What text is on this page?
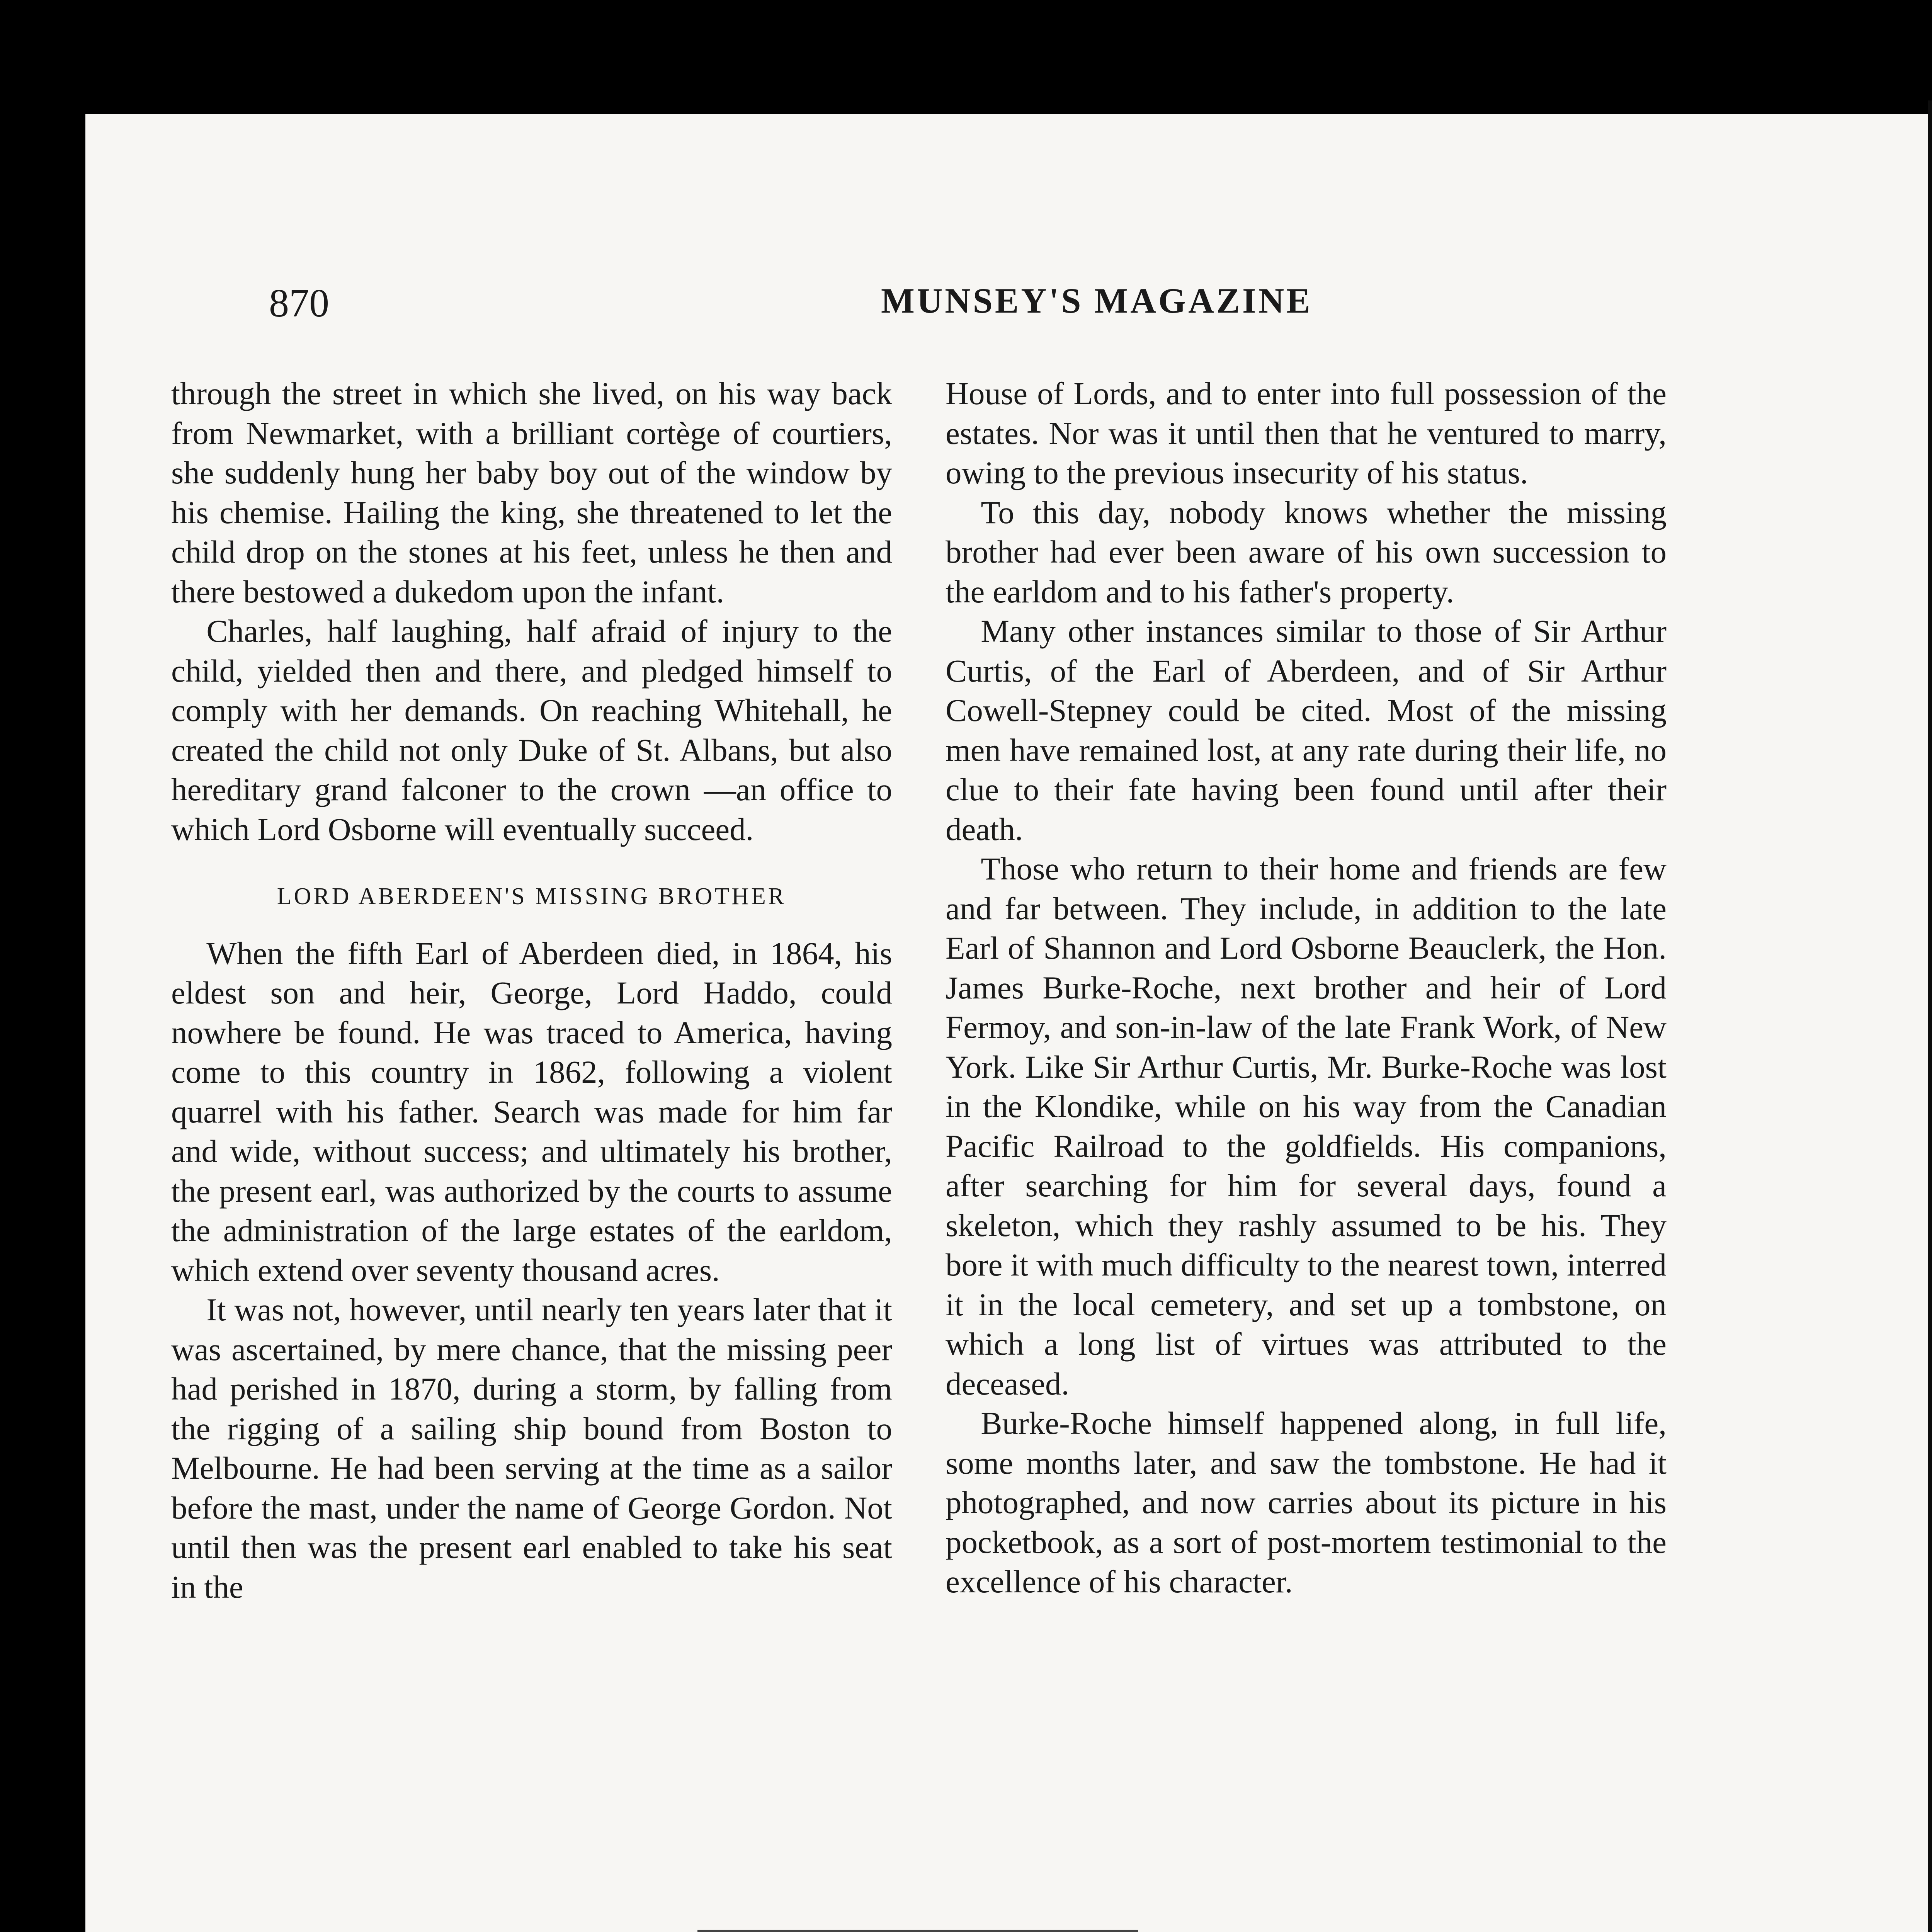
870	MUNSEY'S MAGAZINE

through the street in which she lived, on his way back from Newmarket, with a brilliant cortège of courtiers, she suddenly hung her baby boy out of the window by his chemise. Hailing the king, she threatened to let the child drop on the stones at his feet, unless he then and there bestowed a dukedom upon the infant.

Charles, half laughing, half afraid of injury to the child, yielded then and there, and pledged himself to comply with her demands. On reaching Whitehall, he created the child not only Duke of St. Albans, but also hereditary grand falconer to the crown —an office to which Lord Osborne will eventually succeed.

LORD ABERDEEN'S MISSING BROTHER

When the fifth Earl of Aberdeen died, in 1864, his eldest son and heir, George, Lord Haddo, could nowhere be found. He was traced to America, having come to this country in 1862, following a violent quarrel with his father. Search was made for him far and wide, without success; and ultimately his brother, the present earl, was authorized by the courts to assume the administration of the large estates of the earldom, which extend over seventy thousand acres.

It was not, however, until nearly ten years later that it was ascertained, by mere chance, that the missing peer had perished in 1870, during a storm, by falling from the rigging of a sailing ship bound from Boston to Melbourne. He had been serving at the time as a sailor before the mast, under the name of George Gordon. Not until then was the present earl enabled to take his seat in the

House of Lords, and to enter into full possession of the estates. Nor was it until then that he ventured to marry, owing to the previous insecurity of his status.

To this day, nobody knows whether the missing brother had ever been aware of his own succession to the earldom and to his father's property.

Many other instances similar to those of Sir Arthur Curtis, of the Earl of Aberdeen, and of Sir Arthur Cowell-Stepney could be cited. Most of the missing men have remained lost, at any rate during their life, no clue to their fate having been found until after their death.

Those who return to their home and friends are few and far between. They include, in addition to the late Earl of Shannon and Lord Osborne Beauclerk, the Hon. James Burke-Roche, next brother and heir of Lord Fermoy, and son-in-law of the late Frank Work, of New York. Like Sir Arthur Curtis, Mr. Burke-Roche was lost in the Klondike, while on his way from the Canadian Pacific Railroad to the goldfields. His companions, after searching for him for several days, found a skeleton, which they rashly assumed to be his. They bore it with much difficulty to the nearest town, interred it in the local cemetery, and set up a tombstone, on which a long list of virtues was attributed to the deceased.

Burke-Roche himself happened along, in full life, some months later, and saw the tombstone. He had it photographed, and now carries about its picture in his pocketbook, as a sort of post-mortem testimonial to the excellence of his character.
